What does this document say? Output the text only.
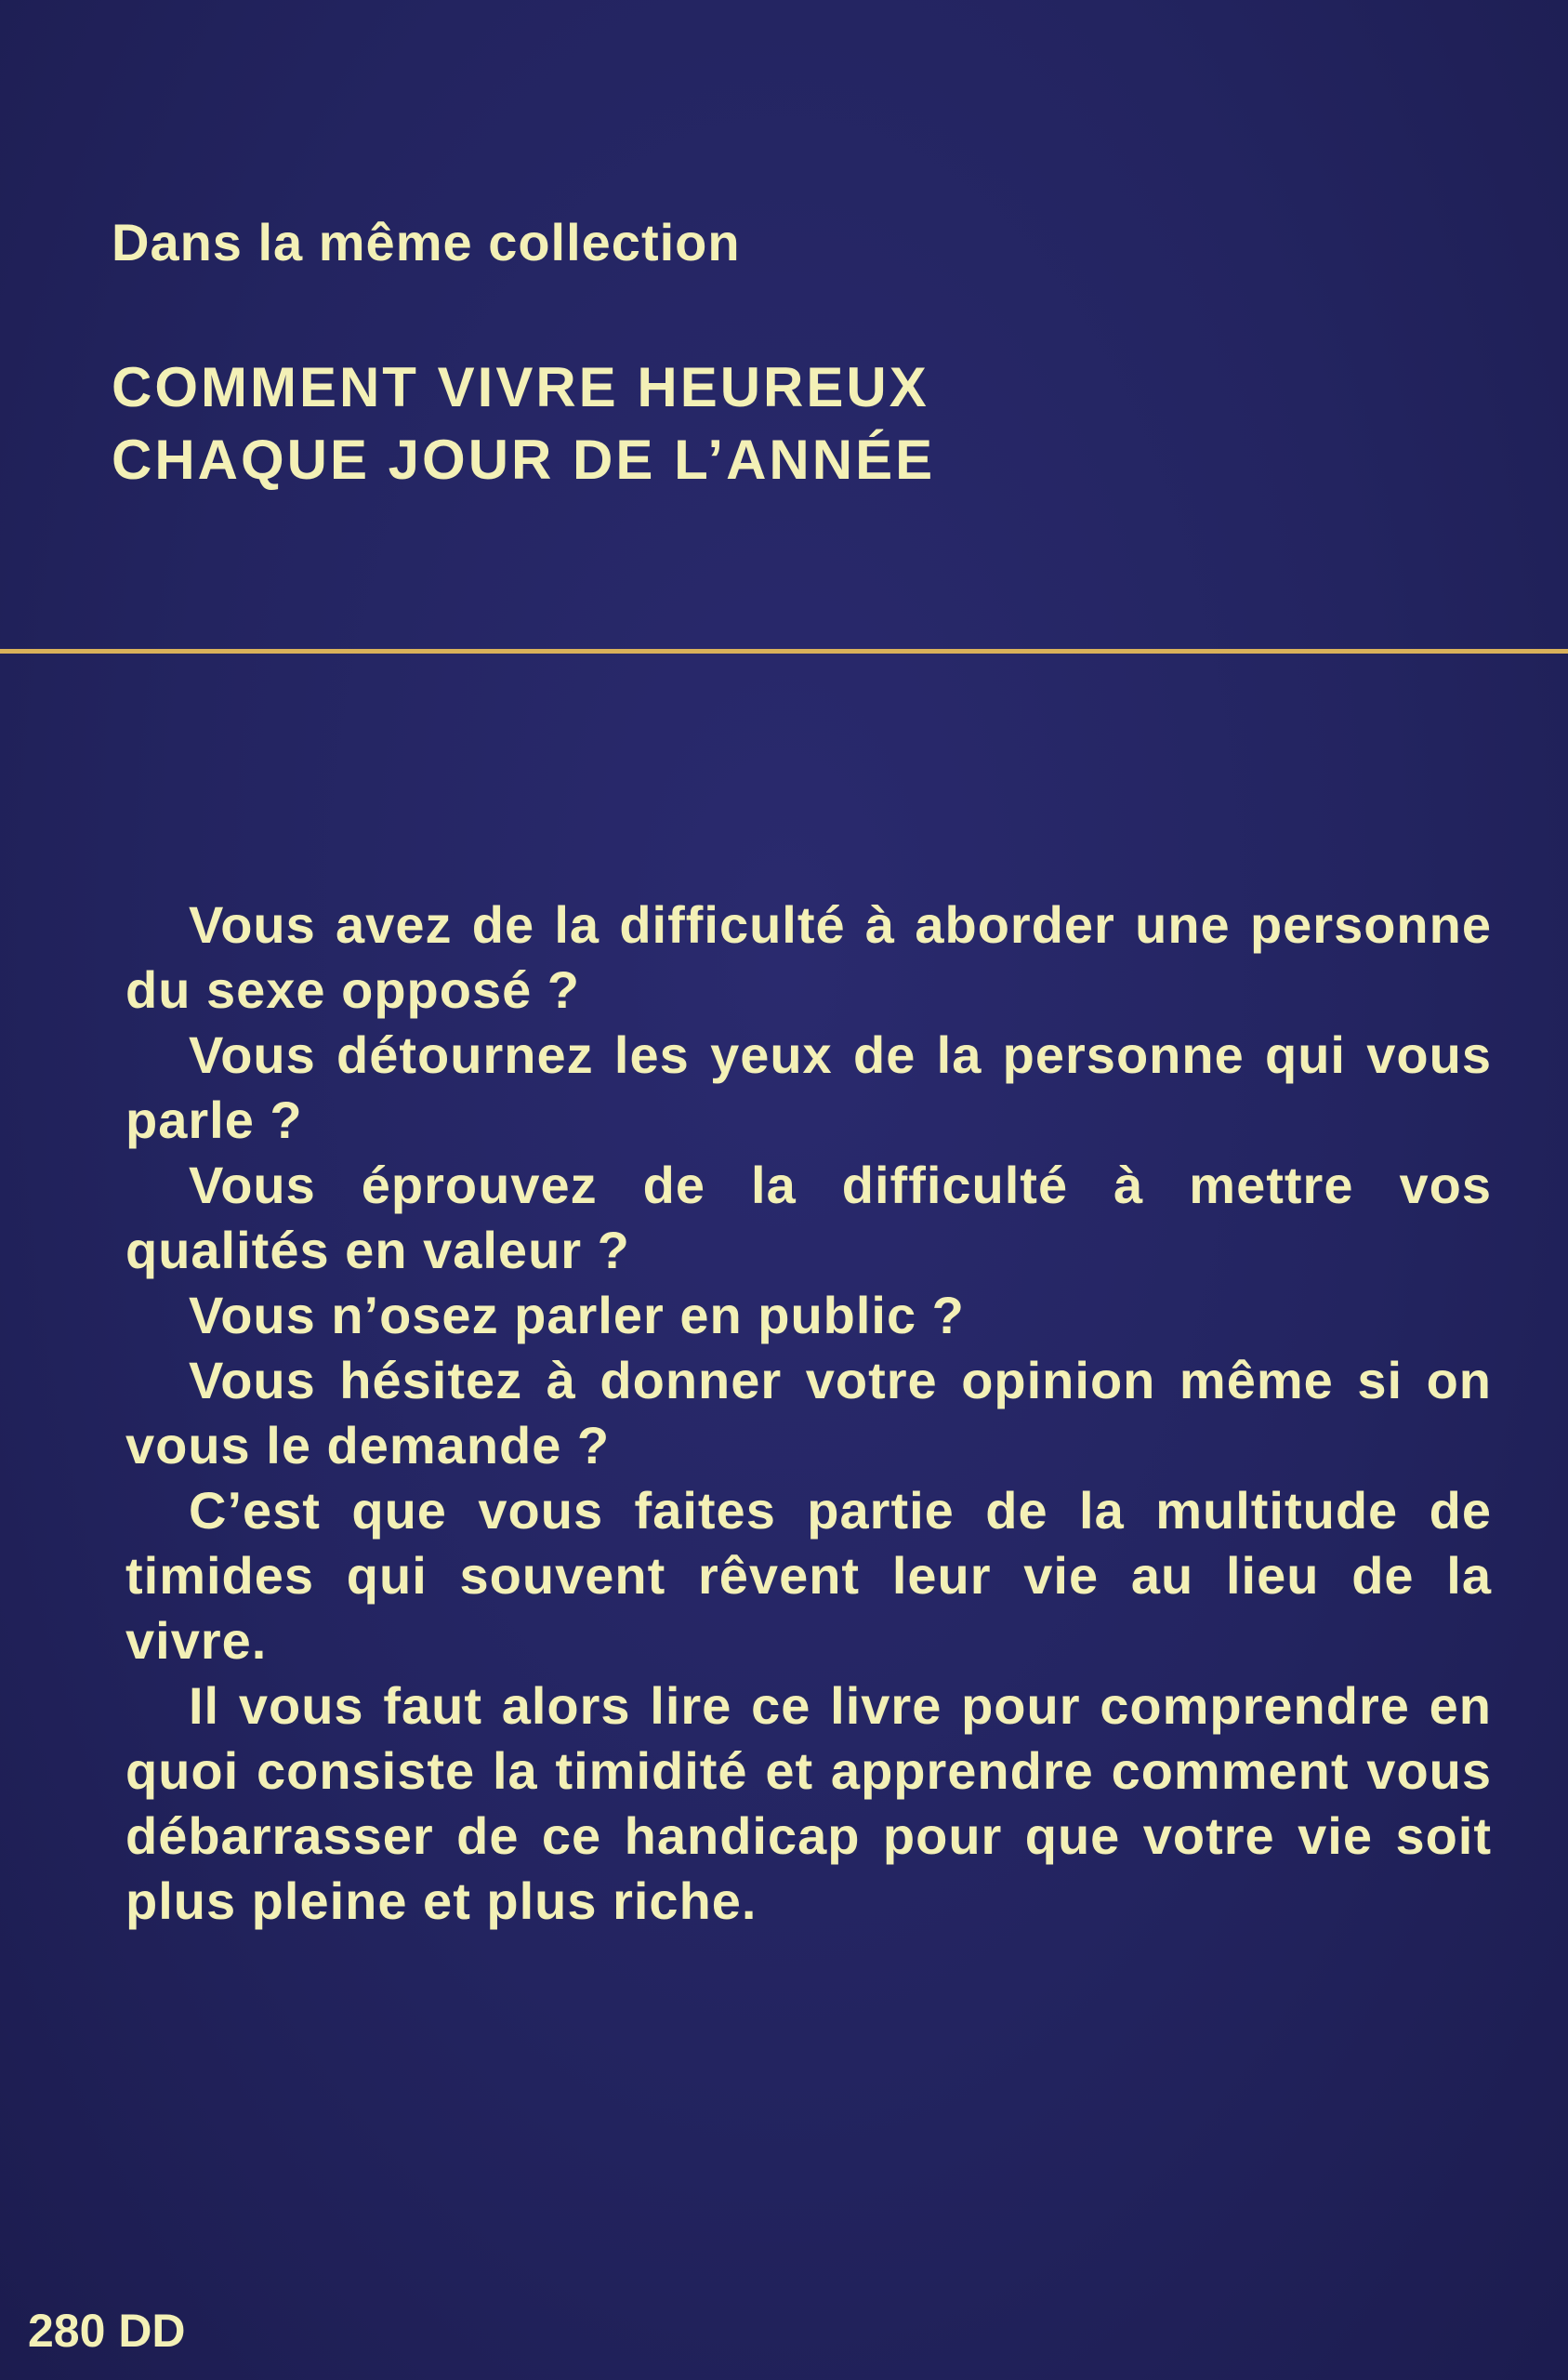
Dans la même collection
COMMENT VIVRE HEUREUX
CHAQUE JOUR DE L’ANNÉE

Vous avez de la difficulté à aborder une personne du sexe opposé ?

Vous détournez les yeux de la personne qui vous parle ?

Vous éprouvez de la difficulté à mettre vos qualités en valeur ?

Vous n’osez parler en public ?

Vous hésitez à donner votre opinion même si on vous le demande ?

C’est que vous faites partie de la multitude de timides qui souvent rêvent leur vie au lieu de la vivre.

Il vous faut alors lire ce livre pour comprendre en quoi consiste la timidité et apprendre comment vous débarrasser de ce handicap pour que votre vie soit plus pleine et plus riche.

280 DD
